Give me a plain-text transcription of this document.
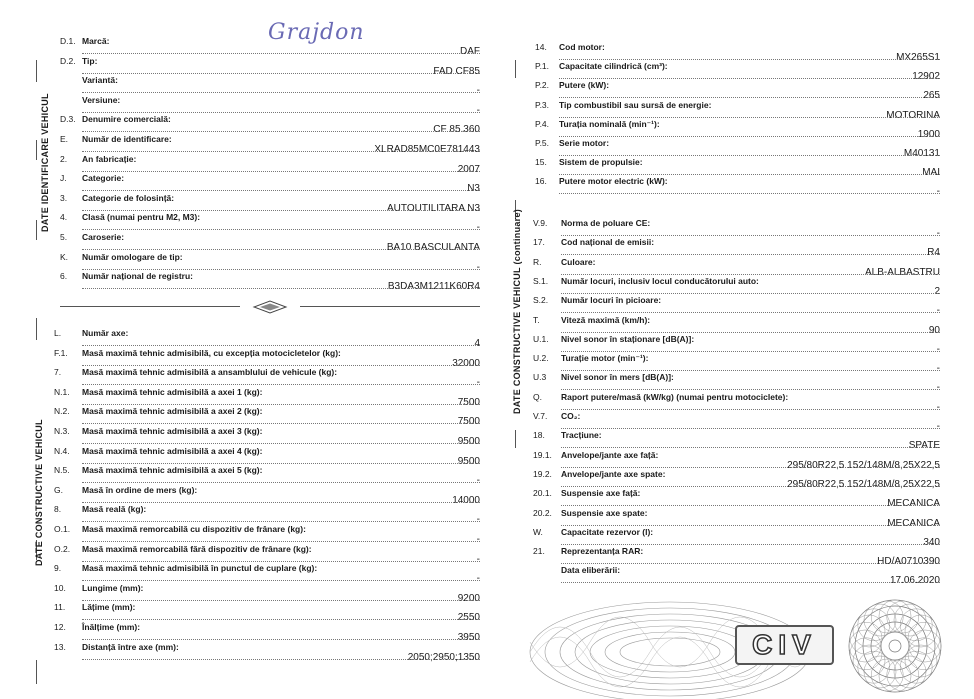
Grajdon
DATE IDENTIFICARE VEHICUL
DATE CONSTRUCTIVE VEHICUL
DATE CONSTRUCTIVE VEHICUL (continuare)
D.1. Marcă:
DAF
D.2. Tip:
FAD CF85
Variantă:
-
Versiune:
-
D.3. Denumire comercială:
CF 85.360
E.	Număr de identificare:
XLRAD85MC0E781443
2.	An fabricație:
2007
J.	Categorie:
N3
3.	Categorie de folosință:
AUTOUTILITARA N3
4.	Clasă (numai pentru M2, M3):
-
5.	Caroserie:
BA10 BASCULANTA
K.	Număr omologare de tip:
-
6.	Număr național de registru:
B3DA3M1211K60R4
L.	Număr axe:
4
F.1.	Masă maximă tehnic admisibilă, cu excepția motocicletelor (kg):
32000
7.	Masă maximă tehnic admisibilă a ansamblului de vehicule (kg):
-
N.1.	Masă maximă tehnic admisibilă a axei 1 (kg):
7500
N.2.	Masă maximă tehnic admisibilă a axei 2 (kg):
7500
N.3.	Masă maximă tehnic admisibilă a axei 3 (kg):
9500
N.4.	Masă maximă tehnic admisibilă a axei 4 (kg):
9500
N.5.	Masă maximă tehnic admisibilă a axei 5 (kg):
-
G.	Masă în ordine de mers (kg):
14000
8.	Masă reală (kg):
-
O.1.	Masă maximă remorcabilă cu dispozitiv de frânare (kg):
-
O.2.	Masă maximă remorcabilă fără dispozitiv de frânare (kg):
-
9.	Masă maximă tehnic admisibilă în punctul de cuplare (kg):
-
10.	Lungime (mm):
9200
11.	Lățime (mm):
2550
12.	Înălțime (mm):
3950
13.	Distanță între axe (mm):
2050;2950;1350
14.	Cod motor:
MX265S1
P.1.	Capacitate cilindrică (cm³):
12902
P.2.	Putere (kW):
265
P.3.	Tip combustibil sau sursă de energie:
MOTORINA
P.4.	Turația nominală (min⁻¹):
1900
P.5.	Serie motor:
M40131
15.	Sistem de propulsie:
MAI
16.	Putere motor electric (kW):
-
V.9.	Norma de poluare CE:
-
17.	Cod național de emisii:
R4
R.	Culoare:
ALB-ALBASTRU
S.1.	Număr locuri, inclusiv locul conducătorului auto:
2
S.2.	Număr locuri în picioare:
-
T.	Viteză maximă (km/h):
90
U.1.	Nivel sonor în staționare [dB(A)]:
-
U.2.	Turație motor (min⁻¹):
-
U.3	Nivel sonor în mers [dB(A)]:
-
Q.	Raport putere/masă (kW/kg) (numai pentru motociclete):
-
V.7.	CO₂:
-
18.	Tracțiune:
SPATE
19.1.	Anvelope/jante axe față:
295/80R22,5 152/148M/8,25X22,5
19.2.	Anvelope/jante axe spate:
295/80R22,5 152/148M/8,25X22,5
20.1.	Suspensie axe față:
MECANICA
20.2.	Suspensie axe spate:
MECANICA
W.	Capacitate rezervor (l):
340
21.	Reprezentanța RAR:
HD/A0710390
Data eliberării:
17.06.2020
CIV
